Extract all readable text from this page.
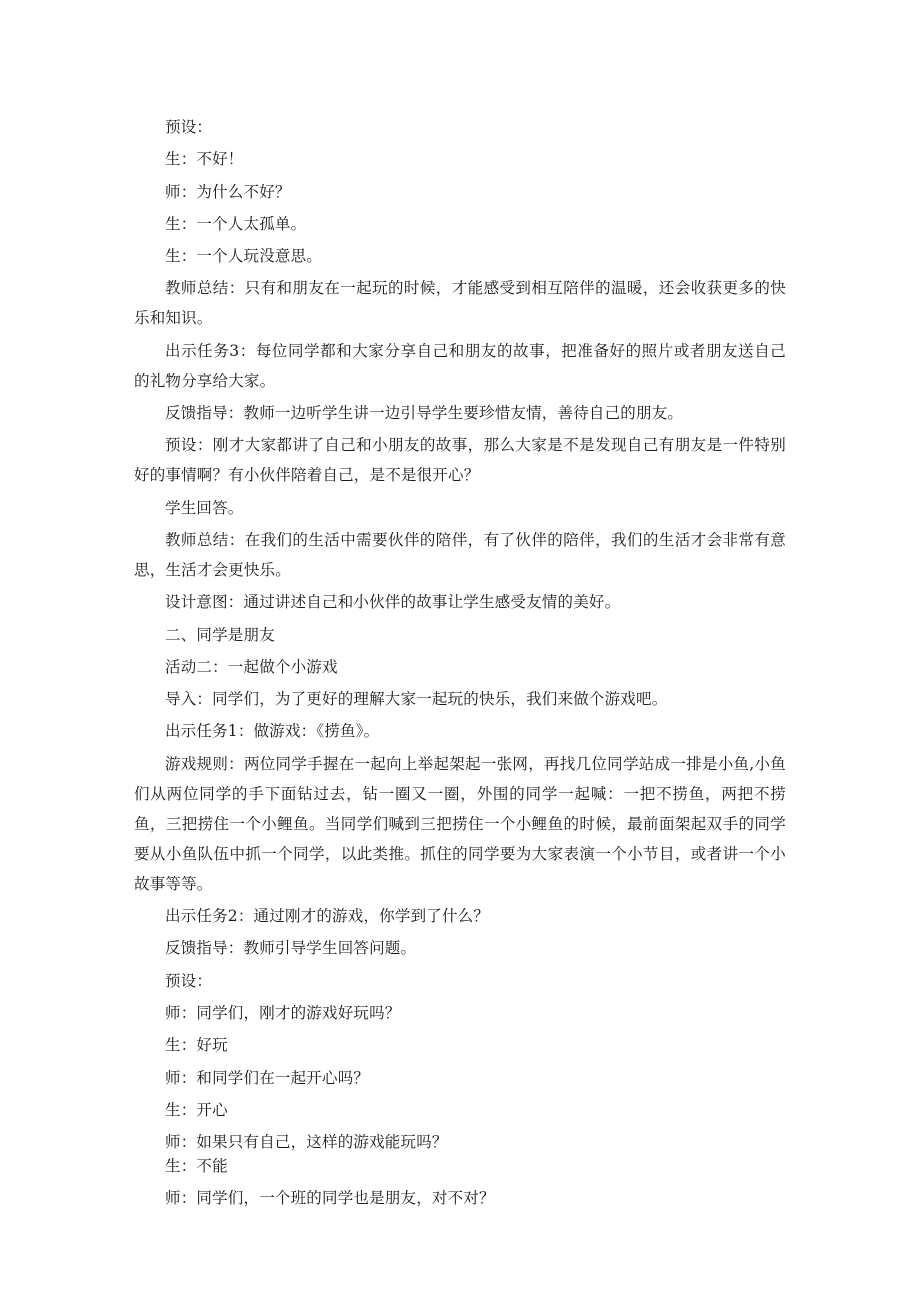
预设：

生：不好！

师：为什么不好？

生：一个人太孤单。

生：一个人玩没意思。

教师总结：只有和朋友在一起玩的时候，才能感受到相互陪伴的温暖，还会收获更多的快乐和知识。

出示任务3：每位同学都和大家分享自己和朋友的故事，把准备好的照片或者朋友送自己的礼物分享给大家。

反馈指导：教师一边听学生讲一边引导学生要珍惜友情，善待自己的朋友。

预设：刚才大家都讲了自己和小朋友的故事，那么大家是不是发现自己有朋友是一件特别好的事情啊？有小伙伴陪着自己，是不是很开心？

学生回答。

教师总结：在我们的生活中需要伙伴的陪伴，有了伙伴的陪伴，我们的生活才会非常有意思，生活才会更快乐。

设计意图：通过讲述自己和小伙伴的故事让学生感受友情的美好。

二、同学是朋友

活动二：一起做个小游戏

导入：同学们，为了更好的理解大家一起玩的快乐，我们来做个游戏吧。

出示任务1：做游戏：《捞鱼》。

游戏规则：两位同学手握在一起向上举起架起一张网，再找几位同学站成一排是小鱼,小鱼们从两位同学的手下面钻过去，钻一圈又一圈，外围的同学一起喊：一把不捞鱼，两把不捞鱼，三把捞住一个小鲤鱼。当同学们喊到三把捞住一个小鲤鱼的时候，最前面架起双手的同学要从小鱼队伍中抓一个同学，以此类推。抓住的同学要为大家表演一个小节目，或者讲一个小故事等等。

出示任务2：通过刚才的游戏，你学到了什么？

反馈指导：教师引导学生回答问题。

预设：

师：同学们，刚才的游戏好玩吗？

生：好玩

师：和同学们在一起开心吗？

生：开心

师：如果只有自己，这样的游戏能玩吗？

生：不能

师：同学们，一个班的同学也是朋友，对不对？
